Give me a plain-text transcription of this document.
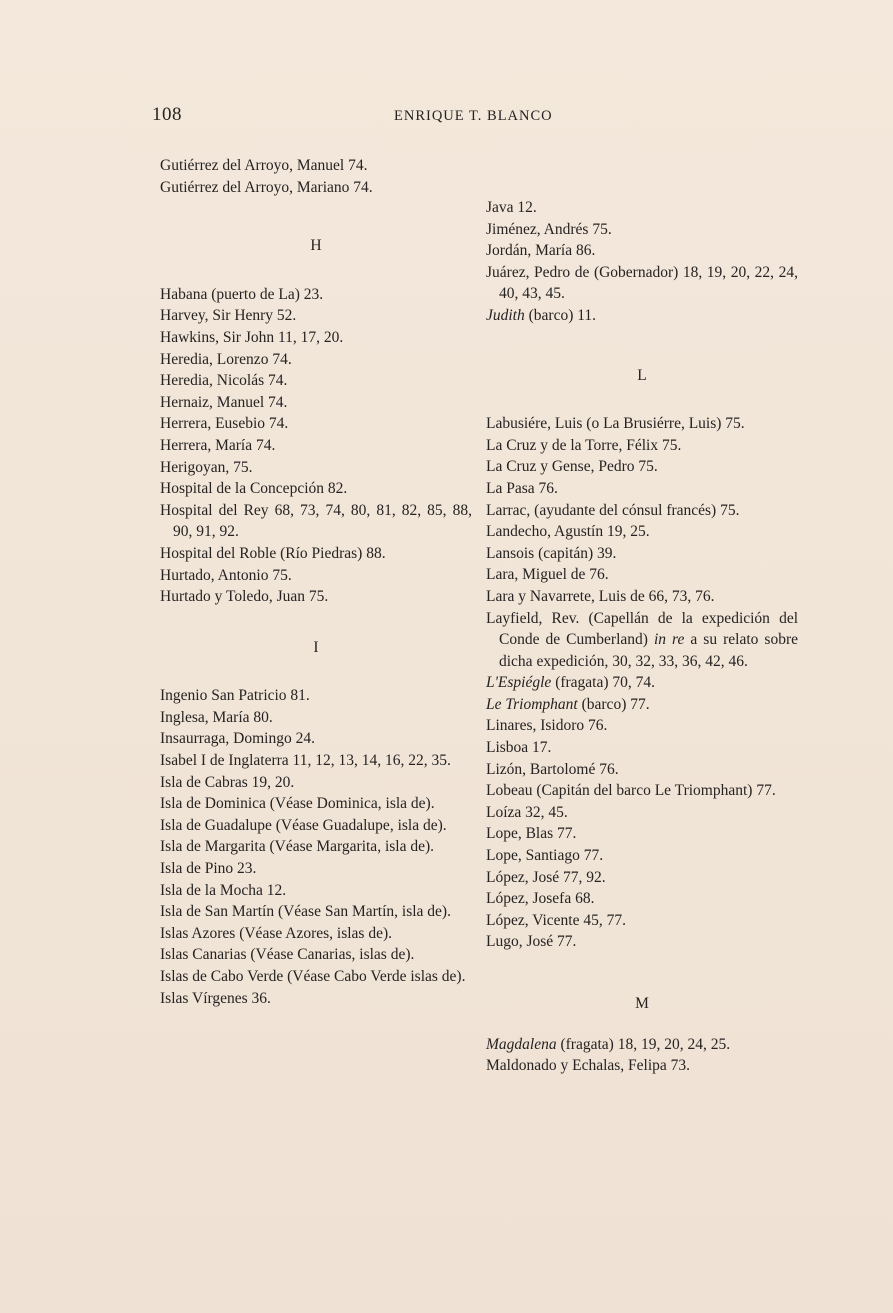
108	ENRIQUE T. BLANCO

Gutiérrez del Arroyo, Manuel 74.

Gutiérrez del Arroyo, Mariano 74.

H

Habana (puerto de La) 23.

Harvey, Sir Henry 52.

Hawkins, Sir John 11, 17, 20.

Heredia, Lorenzo 74.

Heredia, Nicolás 74.

Hernaiz, Manuel 74.

Herrera, Eusebio 74.

Herrera, María 74.

Herigoyan, 75.

Hospital de la Concepción 82.

Hospital del Rey 68, 73, 74, 80, 81, 82, 85, 88, 90, 91, 92.

Hospital del Roble (Río Piedras) 88.

Hurtado, Antonio 75.

Hurtado y Toledo, Juan 75.

I

Ingenio San Patricio 81.

Inglesa, María 80.

Insaurraga, Domingo 24.

Isabel I de Inglaterra 11, 12, 13, 14, 16, 22, 35.

Isla de Cabras 19, 20.

Isla de Dominica (Véase Dominica, isla de).

Isla de Guadalupe (Véase Guadalupe, isla de).

Isla de Margarita (Véase Margarita, isla de).

Isla de Pino 23.

Isla de la Mocha 12.

Isla de San Martín (Véase San Martín, isla de).

Islas Azores (Véase Azores, islas de).

Islas Canarias (Véase Canarias, islas de).

Islas de Cabo Verde (Véase Cabo Verde islas de).

Islas Vírgenes 36.

Java 12.

Jiménez, Andrés 75.

Jordán, María 86.

Juárez, Pedro de (Gobernador) 18, 19, 20, 22, 24, 40, 43, 45.

Judith (barco) 11.

L

Labusiére, Luis (o La Brusiérre, Luis) 75.

La Cruz y de la Torre, Félix 75.

La Cruz y Gense, Pedro 75.

La Pasa 76.

Larrac, (ayudante del cónsul francés) 75.

Landecho, Agustín 19, 25.

Lansois (capitán) 39.

Lara, Miguel de 76.

Lara y Navarrete, Luis de 66, 73, 76.

Layfield, Rev. (Capellán de la expedición del Conde de Cumberland) in re a su relato sobre dicha expedición, 30, 32, 33, 36, 42, 46.

L'Espiégle (fragata) 70, 74.

Le Triomphant (barco) 77.

Linares, Isidoro 76.

Lisboa 17.

Lizón, Bartolomé 76.

Lobeau (Capitán del barco Le Triomphant) 77.

Loíza 32, 45.

Lope, Blas 77.

Lope, Santiago 77.

López, José 77, 92.

López, Josefa 68.

López, Vicente 45, 77.

Lugo, José 77.

M

Magdalena (fragata) 18, 19, 20, 24, 25.

Maldonado y Echalas, Felipa 73.
